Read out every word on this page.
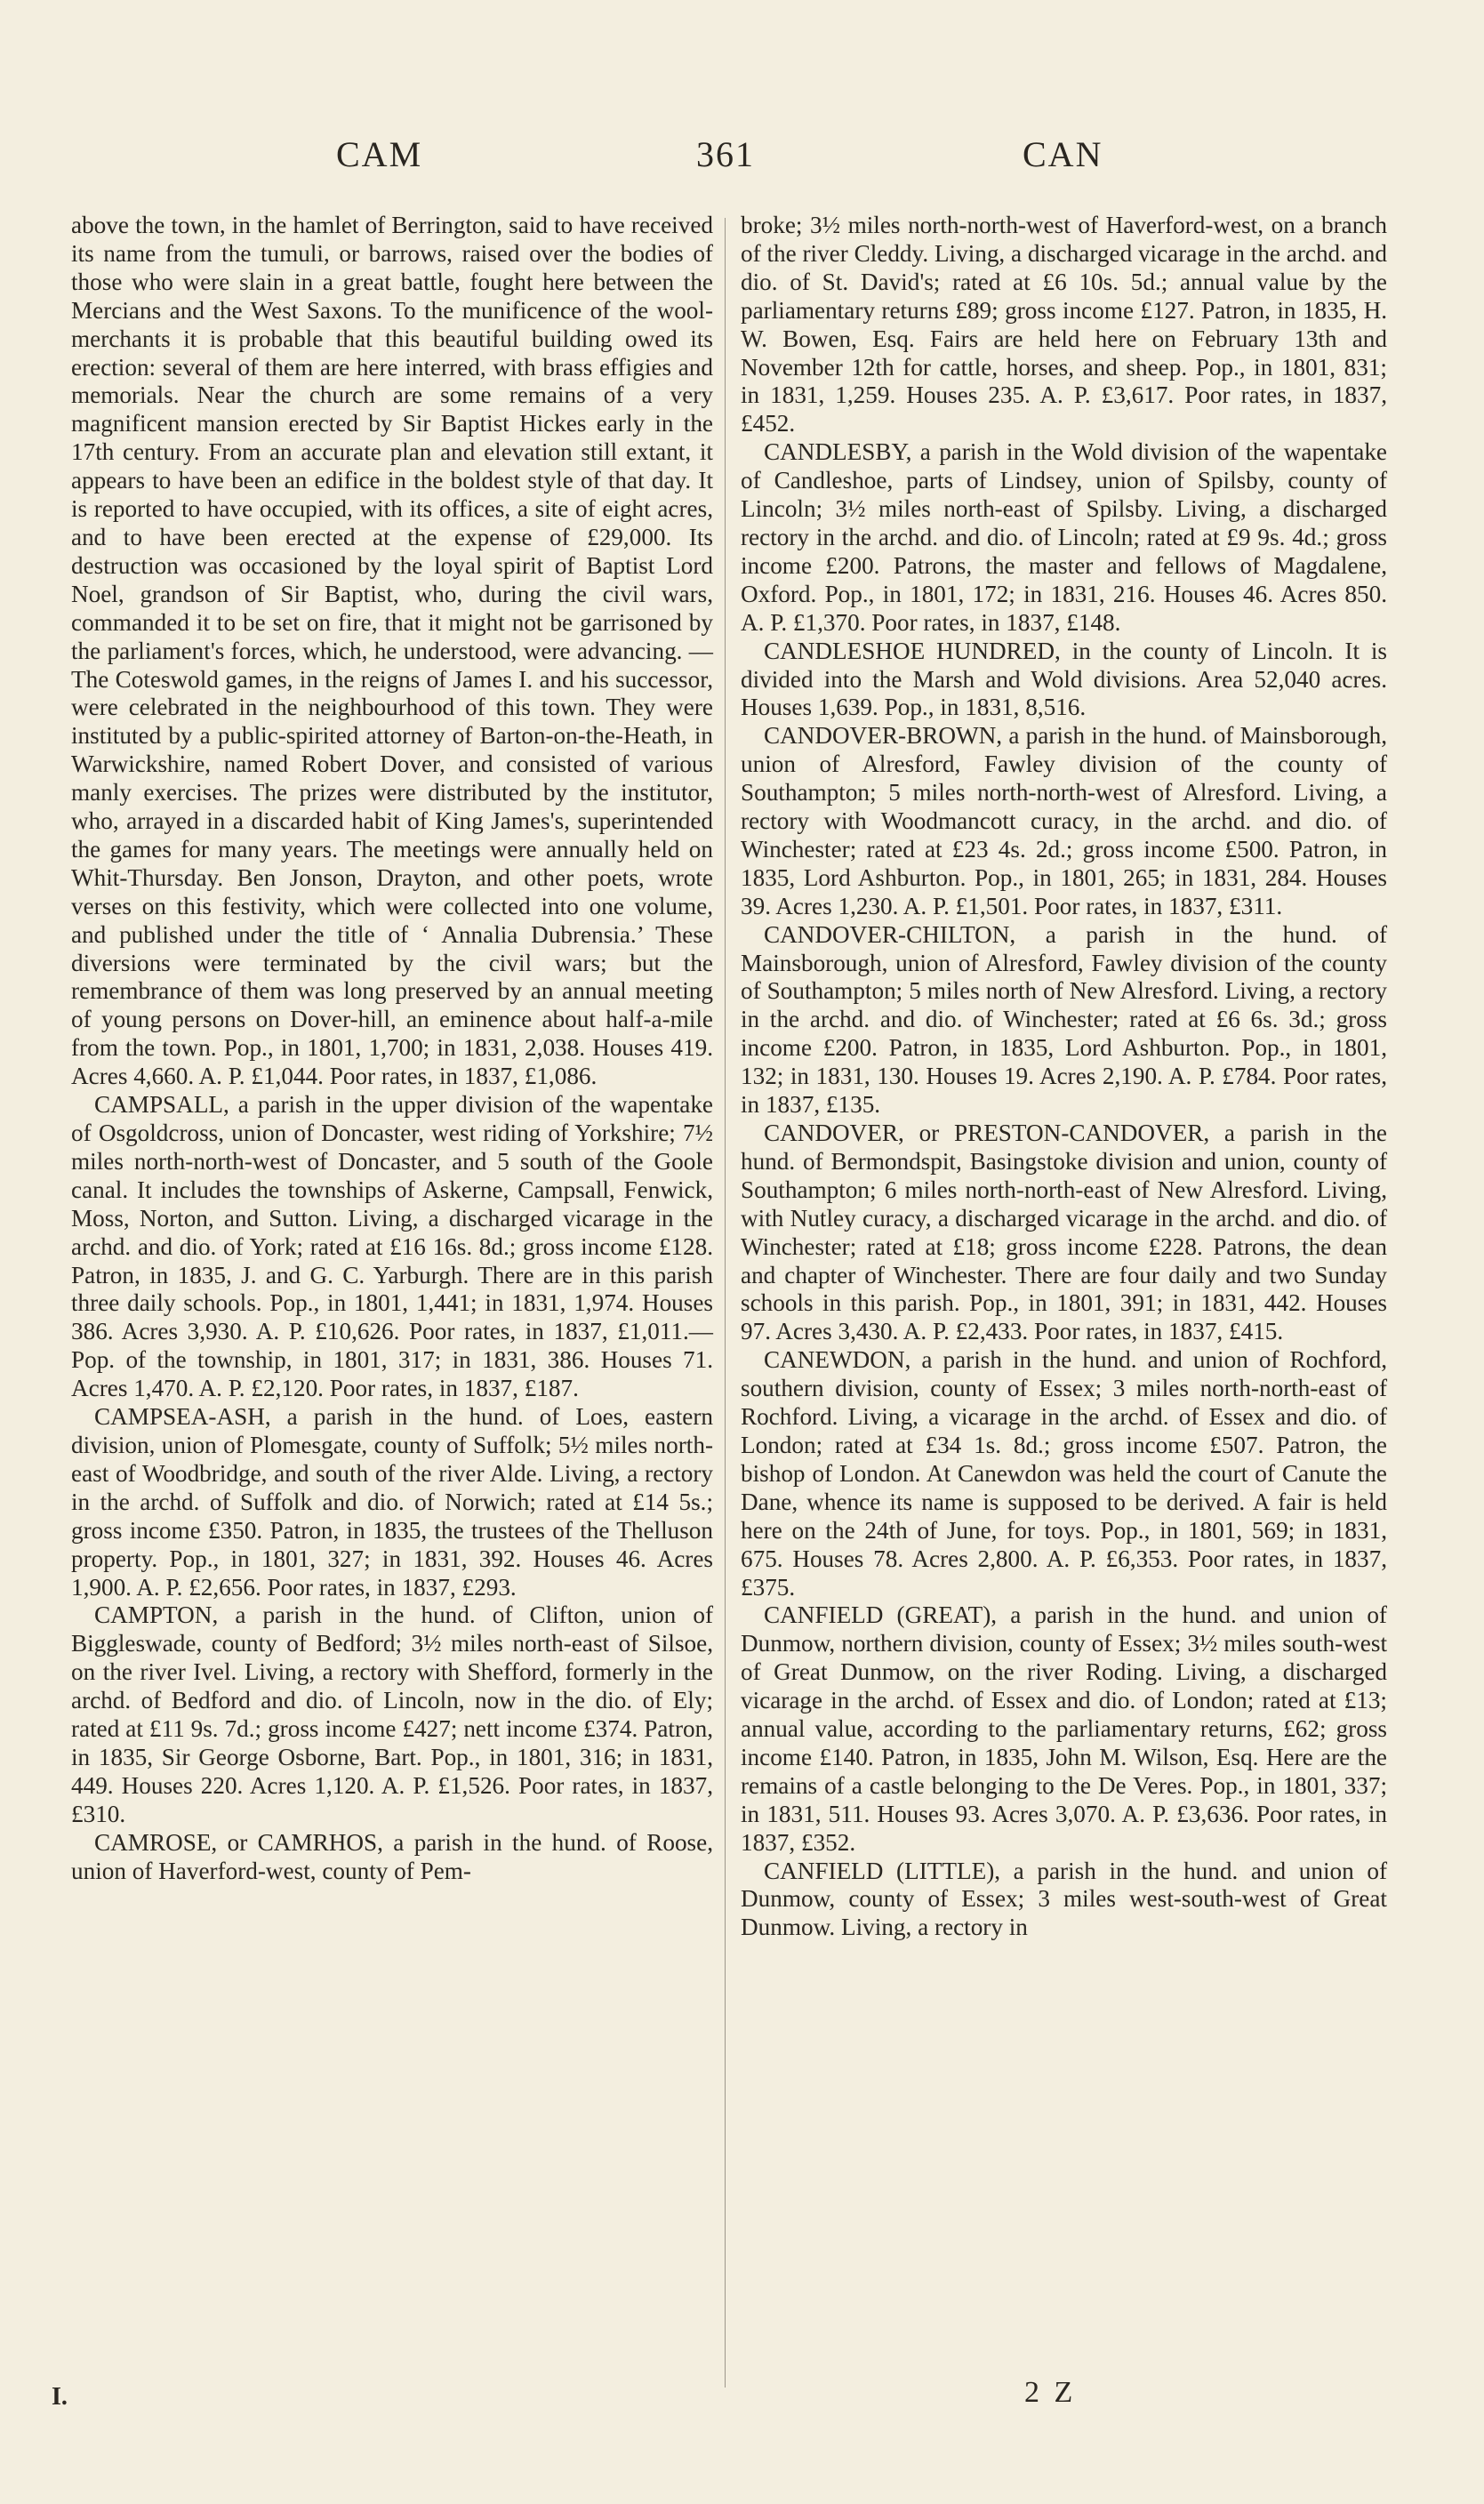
CAM	361	CAN

above the town, in the hamlet of Berrington, said to have received its name from the tumuli, or barrows, raised over the bodies of those who were slain in a great battle, fought here between the Mercians and the West Saxons. To the munificence of the wool-merchants it is probable that this beautiful building owed its erection: several of them are here interred, with brass effigies and memorials. Near the church are some remains of a very magnificent mansion erected by Sir Baptist Hickes early in the 17th century. From an accurate plan and elevation still extant, it appears to have been an edifice in the boldest style of that day. It is reported to have occupied, with its offices, a site of eight acres, and to have been erected at the expense of £29,000. Its destruction was occasioned by the loyal spirit of Baptist Lord Noel, grandson of Sir Baptist, who, during the civil wars, commanded it to be set on fire, that it might not be garrisoned by the parliament's forces, which, he understood, were advancing. —The Coteswold games, in the reigns of James I. and his successor, were celebrated in the neighbourhood of this town. They were instituted by a public-spirited attorney of Barton-on-the-Heath, in Warwickshire, named Robert Dover, and consisted of various manly exercises. The prizes were distributed by the institutor, who, arrayed in a discarded habit of King James's, superintended the games for many years. The meetings were annually held on Whit-Thursday. Ben Jonson, Drayton, and other poets, wrote verses on this festivity, which were collected into one volume, and published under the title of ‘ Annalia Dubrensia.’ These diversions were terminated by the civil wars; but the remembrance of them was long preserved by an annual meeting of young persons on Dover-hill, an eminence about half-a-mile from the town. Pop., in 1801, 1,700; in 1831, 2,038. Houses 419. Acres 4,660. A. P. £1,044. Poor rates, in 1837, £1,086.

CAMPSALL, a parish in the upper division of the wapentake of Osgoldcross, union of Doncaster, west riding of Yorkshire; 7½ miles north-north-west of Doncaster, and 5 south of the Goole canal. It includes the townships of Askerne, Campsall, Fenwick, Moss, Norton, and Sutton. Living, a discharged vicarage in the archd. and dio. of York; rated at £16 16s. 8d.; gross income £128. Patron, in 1835, J. and G. C. Yarburgh. There are in this parish three daily schools. Pop., in 1801, 1,441; in 1831, 1,974. Houses 386. Acres 3,930. A. P. £10,626. Poor rates, in 1837, £1,011.—Pop. of the township, in 1801, 317; in 1831, 386. Houses 71. Acres 1,470. A. P. £2,120. Poor rates, in 1837, £187.

CAMPSEA-ASH, a parish in the hund. of Loes, eastern division, union of Plomesgate, county of Suffolk; 5½ miles north-east of Woodbridge, and south of the river Alde. Living, a rectory in the archd. of Suffolk and dio. of Norwich; rated at £14 5s.; gross income £350. Patron, in 1835, the trustees of the Thelluson property. Pop., in 1801, 327; in 1831, 392. Houses 46. Acres 1,900. A. P. £2,656. Poor rates, in 1837, £293.

CAMPTON, a parish in the hund. of Clifton, union of Biggleswade, county of Bedford; 3½ miles north-east of Silsoe, on the river Ivel. Living, a rectory with Shefford, formerly in the archd. of Bedford and dio. of Lincoln, now in the dio. of Ely; rated at £11 9s. 7d.; gross income £427; nett income £374. Patron, in 1835, Sir George Osborne, Bart. Pop., in 1801, 316; in 1831, 449. Houses 220. Acres 1,120. A. P. £1,526. Poor rates, in 1837, £310.

CAMROSE, or CAMRHOS, a parish in the hund. of Roose, union of Haverford-west, county of Pem-

broke; 3½ miles north-north-west of Haverford-west, on a branch of the river Cleddy. Living, a discharged vicarage in the archd. and dio. of St. David's; rated at £6 10s. 5d.; annual value by the parliamentary returns £89; gross income £127. Patron, in 1835, H. W. Bowen, Esq. Fairs are held here on February 13th and November 12th for cattle, horses, and sheep. Pop., in 1801, 831; in 1831, 1,259. Houses 235. A. P. £3,617. Poor rates, in 1837, £452.

CANDLESBY, a parish in the Wold division of the wapentake of Candleshoe, parts of Lindsey, union of Spilsby, county of Lincoln; 3½ miles north-east of Spilsby. Living, a discharged rectory in the archd. and dio. of Lincoln; rated at £9 9s. 4d.; gross income £200. Patrons, the master and fellows of Magdalene, Oxford. Pop., in 1801, 172; in 1831, 216. Houses 46. Acres 850. A. P. £1,370. Poor rates, in 1837, £148.

CANDLESHOE HUNDRED, in the county of Lincoln. It is divided into the Marsh and Wold divisions. Area 52,040 acres. Houses 1,639. Pop., in 1831, 8,516.

CANDOVER-BROWN, a parish in the hund. of Mainsborough, union of Alresford, Fawley division of the county of Southampton; 5 miles north-north-west of Alresford. Living, a rectory with Woodmancott curacy, in the archd. and dio. of Winchester; rated at £23 4s. 2d.; gross income £500. Patron, in 1835, Lord Ashburton. Pop., in 1801, 265; in 1831, 284. Houses 39. Acres 1,230. A. P. £1,501. Poor rates, in 1837, £311.

CANDOVER-CHILTON, a parish in the hund. of Mainsborough, union of Alresford, Fawley division of the county of Southampton; 5 miles north of New Alresford. Living, a rectory in the archd. and dio. of Winchester; rated at £6 6s. 3d.; gross income £200. Patron, in 1835, Lord Ashburton. Pop., in 1801, 132; in 1831, 130. Houses 19. Acres 2,190. A. P. £784. Poor rates, in 1837, £135.

CANDOVER, or PRESTON-CANDOVER, a parish in the hund. of Bermondspit, Basingstoke division and union, county of Southampton; 6 miles north-north-east of New Alresford. Living, with Nutley curacy, a discharged vicarage in the archd. and dio. of Winchester; rated at £18; gross income £228. Patrons, the dean and chapter of Winchester. There are four daily and two Sunday schools in this parish. Pop., in 1801, 391; in 1831, 442. Houses 97. Acres 3,430. A. P. £2,433. Poor rates, in 1837, £415.

CANEWDON, a parish in the hund. and union of Rochford, southern division, county of Essex; 3 miles north-north-east of Rochford. Living, a vicarage in the archd. of Essex and dio. of London; rated at £34 1s. 8d.; gross income £507. Patron, the bishop of London. At Canewdon was held the court of Canute the Dane, whence its name is supposed to be derived. A fair is held here on the 24th of June, for toys. Pop., in 1801, 569; in 1831, 675. Houses 78. Acres 2,800. A. P. £6,353. Poor rates, in 1837, £375.

CANFIELD (GREAT), a parish in the hund. and union of Dunmow, northern division, county of Essex; 3½ miles south-west of Great Dunmow, on the river Roding. Living, a discharged vicarage in the archd. of Essex and dio. of London; rated at £13; annual value, according to the parliamentary returns, £62; gross income £140. Patron, in 1835, John M. Wilson, Esq. Here are the remains of a castle belonging to the De Veres. Pop., in 1801, 337; in 1831, 511. Houses 93. Acres 3,070. A. P. £3,636. Poor rates, in 1837, £352.

CANFIELD (LITTLE), a parish in the hund. and union of Dunmow, county of Essex; 3 miles west-south-west of Great Dunmow. Living, a rectory in

I.	2 Z
